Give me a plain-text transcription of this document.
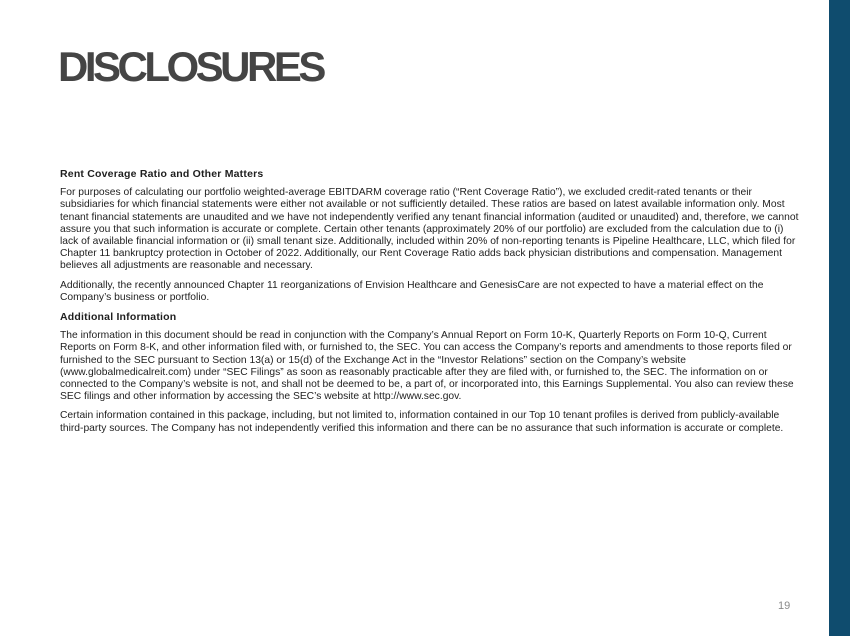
DISCLOSURES
Rent Coverage Ratio and Other Matters

For purposes of calculating our portfolio weighted-average EBITDARM coverage ratio (“Rent Coverage Ratio”), we excluded credit-rated tenants or their subsidiaries for which financial statements were either not available or not sufficiently detailed. These ratios are based on latest available information only. Most tenant financial statements are unaudited and we have not independently verified any tenant financial information (audited or unaudited) and, therefore, we cannot assure you that such information is accurate or complete. Certain other tenants (approximately 20% of our portfolio) are excluded from the calculation due to (i) lack of available financial information or (ii) small tenant size. Additionally, included within 20% of non-reporting tenants is Pipeline Healthcare, LLC, which filed for Chapter 11 bankruptcy protection in October of 2022. Additionally, our Rent Coverage Ratio adds back physician distributions and compensation. Management believes all adjustments are reasonable and necessary.

Additionally, the recently announced Chapter 11 reorganizations of Envision Healthcare and GenesisCare are not expected to have a material effect on the Company’s business or portfolio.

Additional Information

The information in this document should be read in conjunction with the Company’s Annual Report on Form 10-K, Quarterly Reports on Form 10-Q, Current Reports on Form 8-K, and other information filed with, or furnished to, the SEC. You can access the Company’s reports and amendments to those reports filed or furnished to the SEC pursuant to Section 13(a) or 15(d) of the Exchange Act in the “Investor Relations” section on the Company’s website (www.globalmedicalreit.com) under “SEC Filings” as soon as reasonably practicable after they are filed with, or furnished to, the SEC. The information on or connected to the Company’s website is not, and shall not be deemed to be, a part of, or incorporated into, this Earnings Supplemental. You also can review these SEC filings and other information by accessing the SEC’s website at http://www.sec.gov.

Certain information contained in this package, including, but not limited to, information contained in our Top 10 tenant profiles is derived from publicly-available third-party sources. The Company has not independently verified this information and there can be no assurance that such information is accurate or complete.

19
